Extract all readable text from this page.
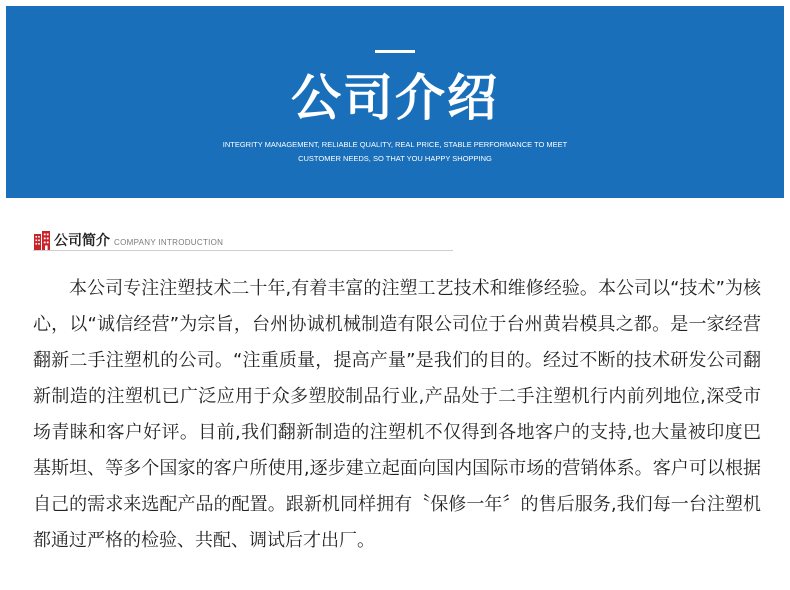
公司介绍
INTEGRITY MANAGEMENT, RELIABLE QUALITY, REAL PRICE, STABLE PERFORMANCE TO MEET
CUSTOMER NEEDS, SO THAT YOU HAPPY SHOPPING
公司简介 COMPANY INTRODUCTION

本公司专注注塑技术二十年,有着丰富的注塑工艺技术和维修经验。本公司以“技术”为核心，以“诚信经营”为宗旨，台州协诚机械制造有限公司位于台州黄岩模具之都。是一家经营翻新二手注塑机的公司。“注重质量，提高产量”是我们的目的。经过不断的技术研发公司翻新制造的注塑机已广泛应用于众多塑胶制品行业,产品处于二手注塑机行内前列地位,深受市场青睐和客户好评。目前,我们翻新制造的注塑机不仅得到各地客户的支持,也大量被印度巴基斯坦、等多个国家的客户所使用,逐步建立起面向国内国际市场的营销体系。客户可以根据自己的需求来选配产品的配置。跟新机同样拥有〝保修一年〞的售后服务,我们每一台注塑机都通过严格的检验、共配、调试后才出厂。
